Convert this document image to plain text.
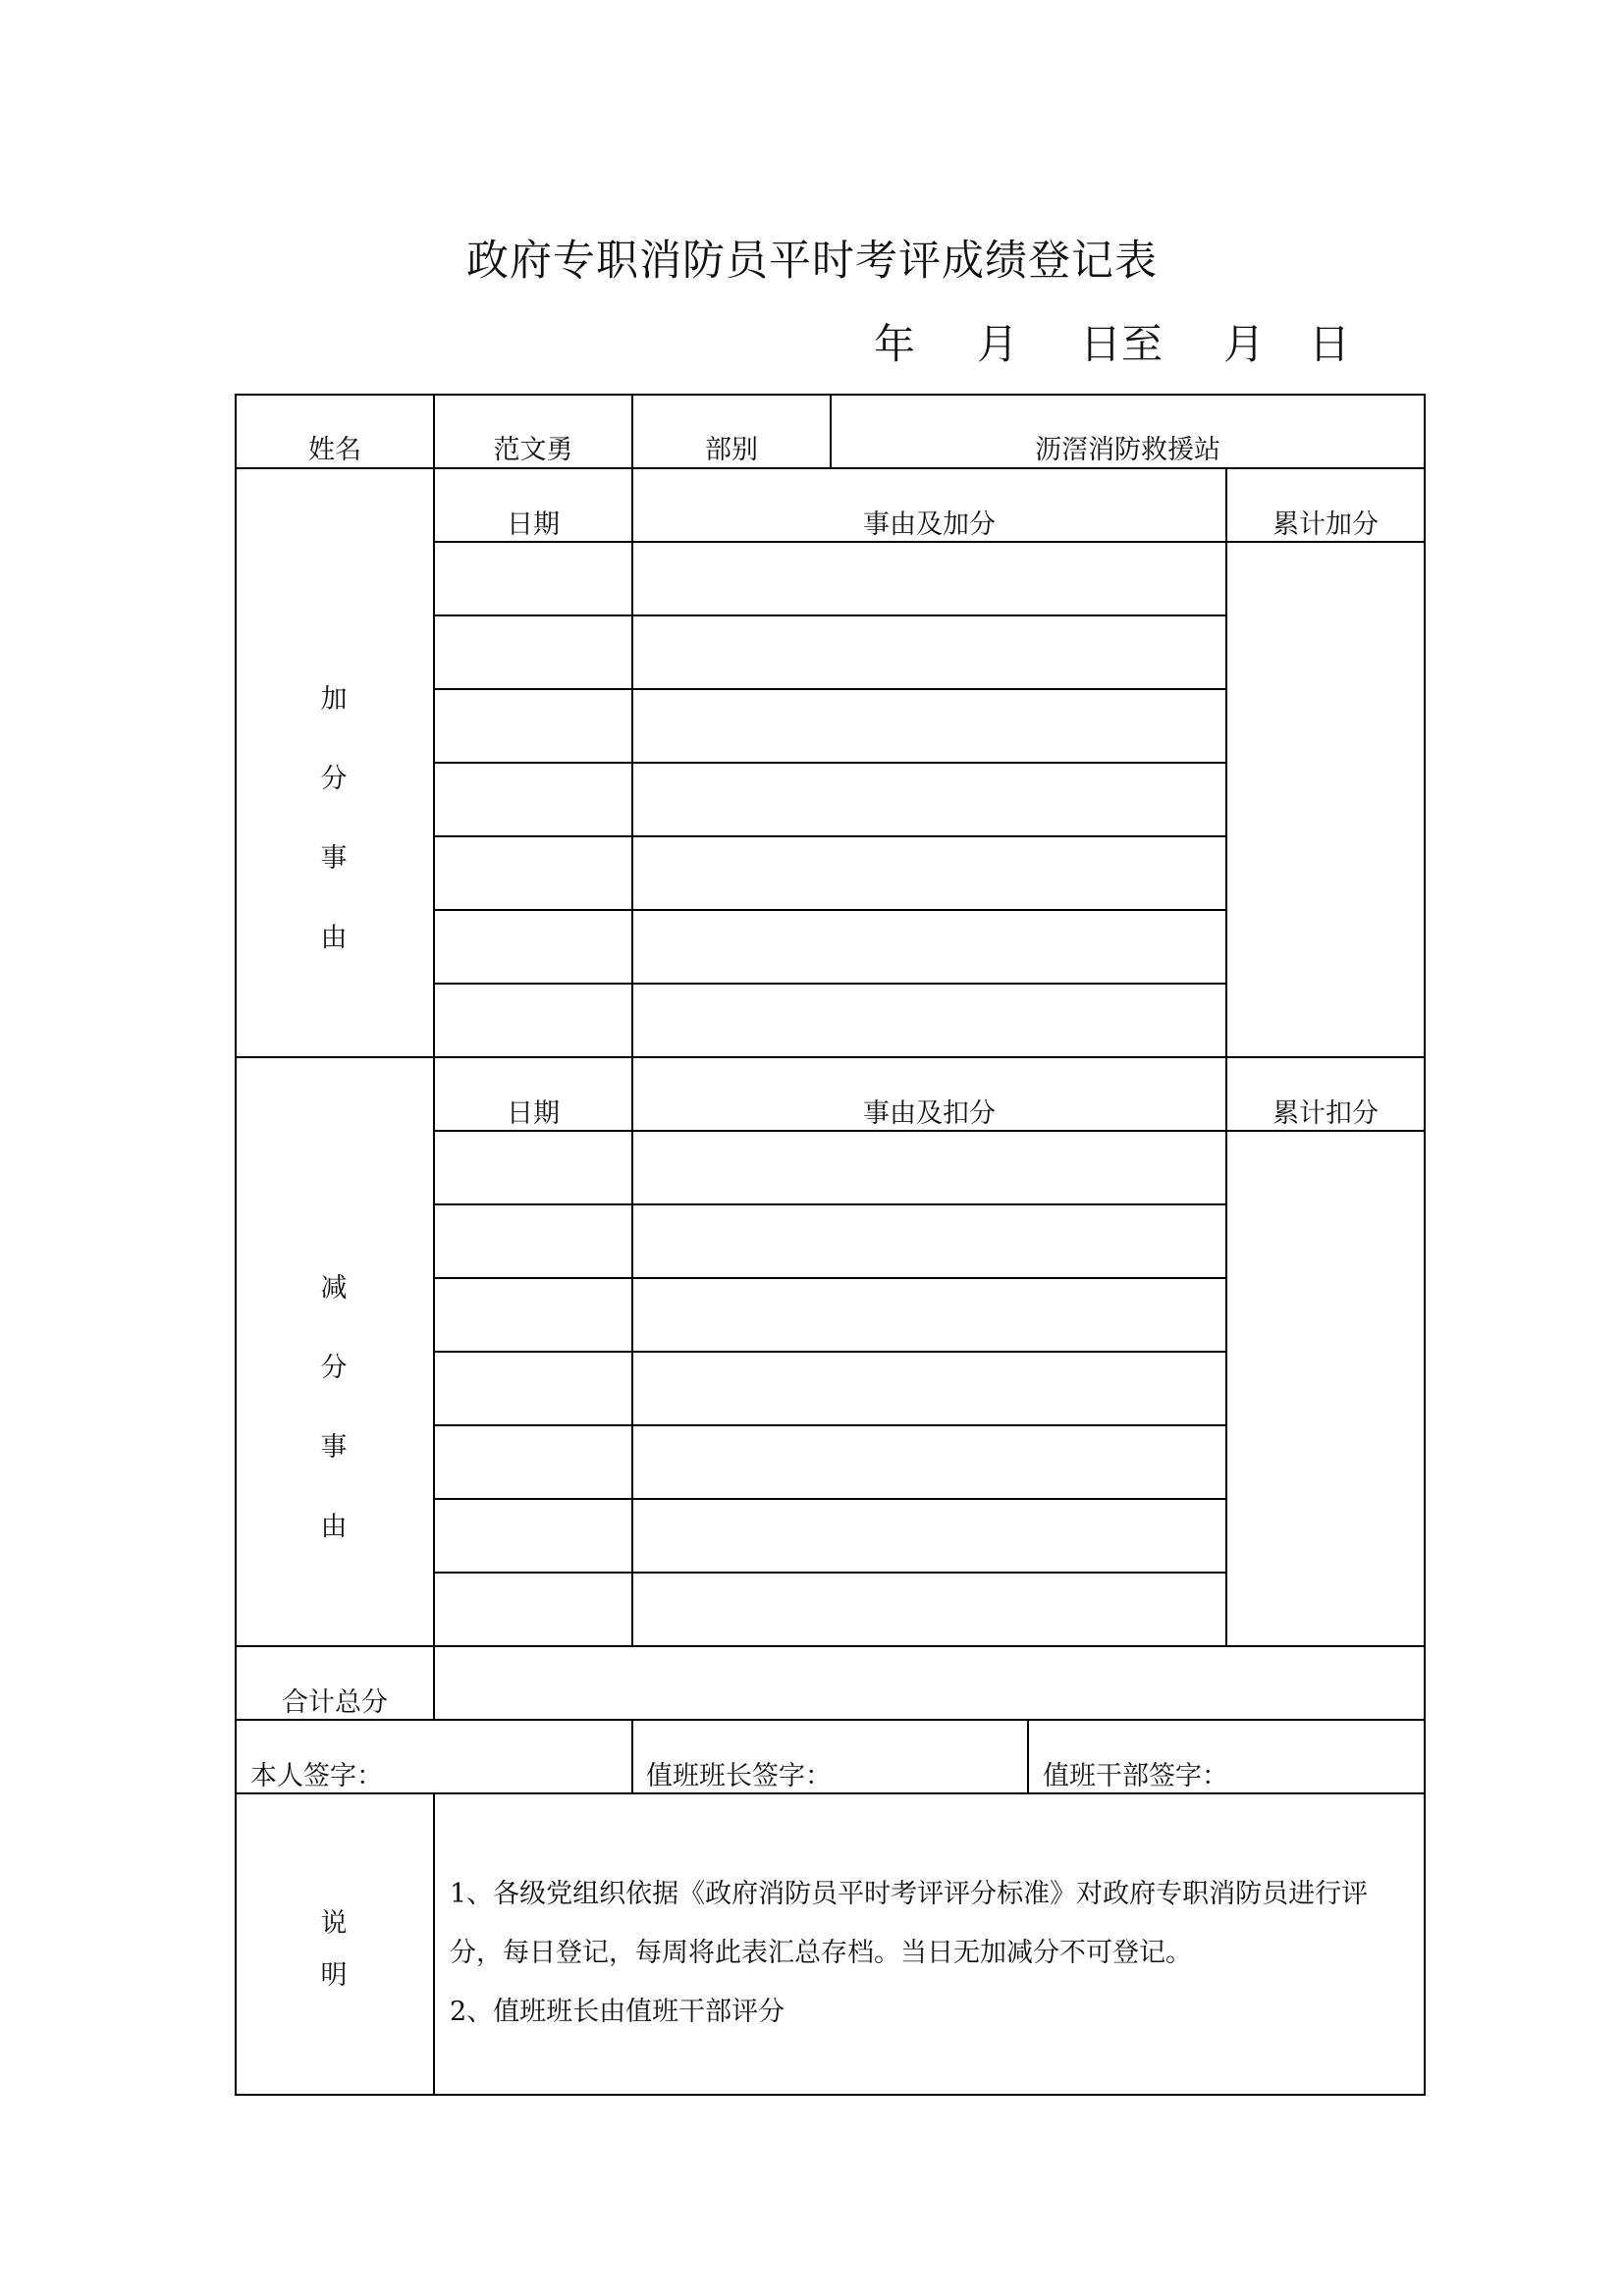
政府专职消防员平时考评成绩登记表
年 月 日至 月 日
姓名	范文勇	部别	沥滘消防救援站
加
分
事
由
日期	事由及加分	累计加分
减
分
事
由
日期	事由及扣分	累计扣分
合计总分
本人签字：	值班班长签字：	值班干部签字：
说
明
1、各级党组织依据《政府消防员平时考评评分标准》对政府专职消防员进行评
分，每日登记，每周将此表汇总存档。当日无加减分不可登记。
2、值班班长由值班干部评分
